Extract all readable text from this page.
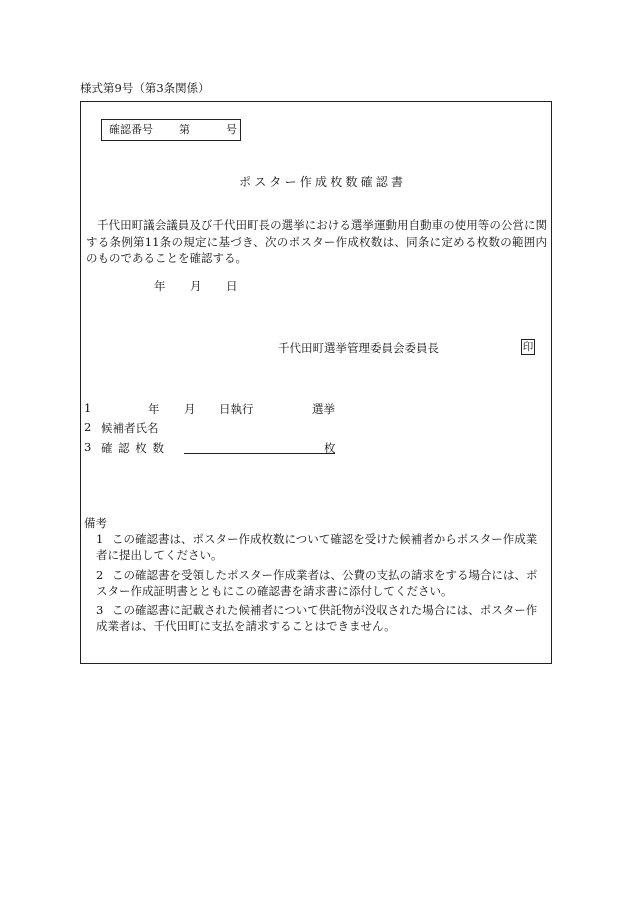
様式第9号（第3条関係）
確認番号 第	号
ポスター作成枚数確認書
千代田町議会議員及び千代田町長の選挙における選挙運動用自動車の使用等の公営に関する条例第11条の規定に基づき、次のポスター作成枚数は、同条に定める枚数の範囲内のものであることを確認する。
年 月 日
千代田町選挙管理委員会委員長	印
1	年 月 日執行	選挙
2 候補者氏名
3 確 認 枚 数	枚
備考
1 この確認書は、ポスター作成枚数について確認を受けた候補者からポスター作成業者に提出してください。
2 この確認書を受領したポスター作成業者は、公費の支払の請求をする場合には、ポスター作成証明書とともにこの確認書を請求書に添付してください。
3 この確認書に記載された候補者について供託物が没収された場合には、ポスター作成業者は、千代田町に支払を請求することはできません。
